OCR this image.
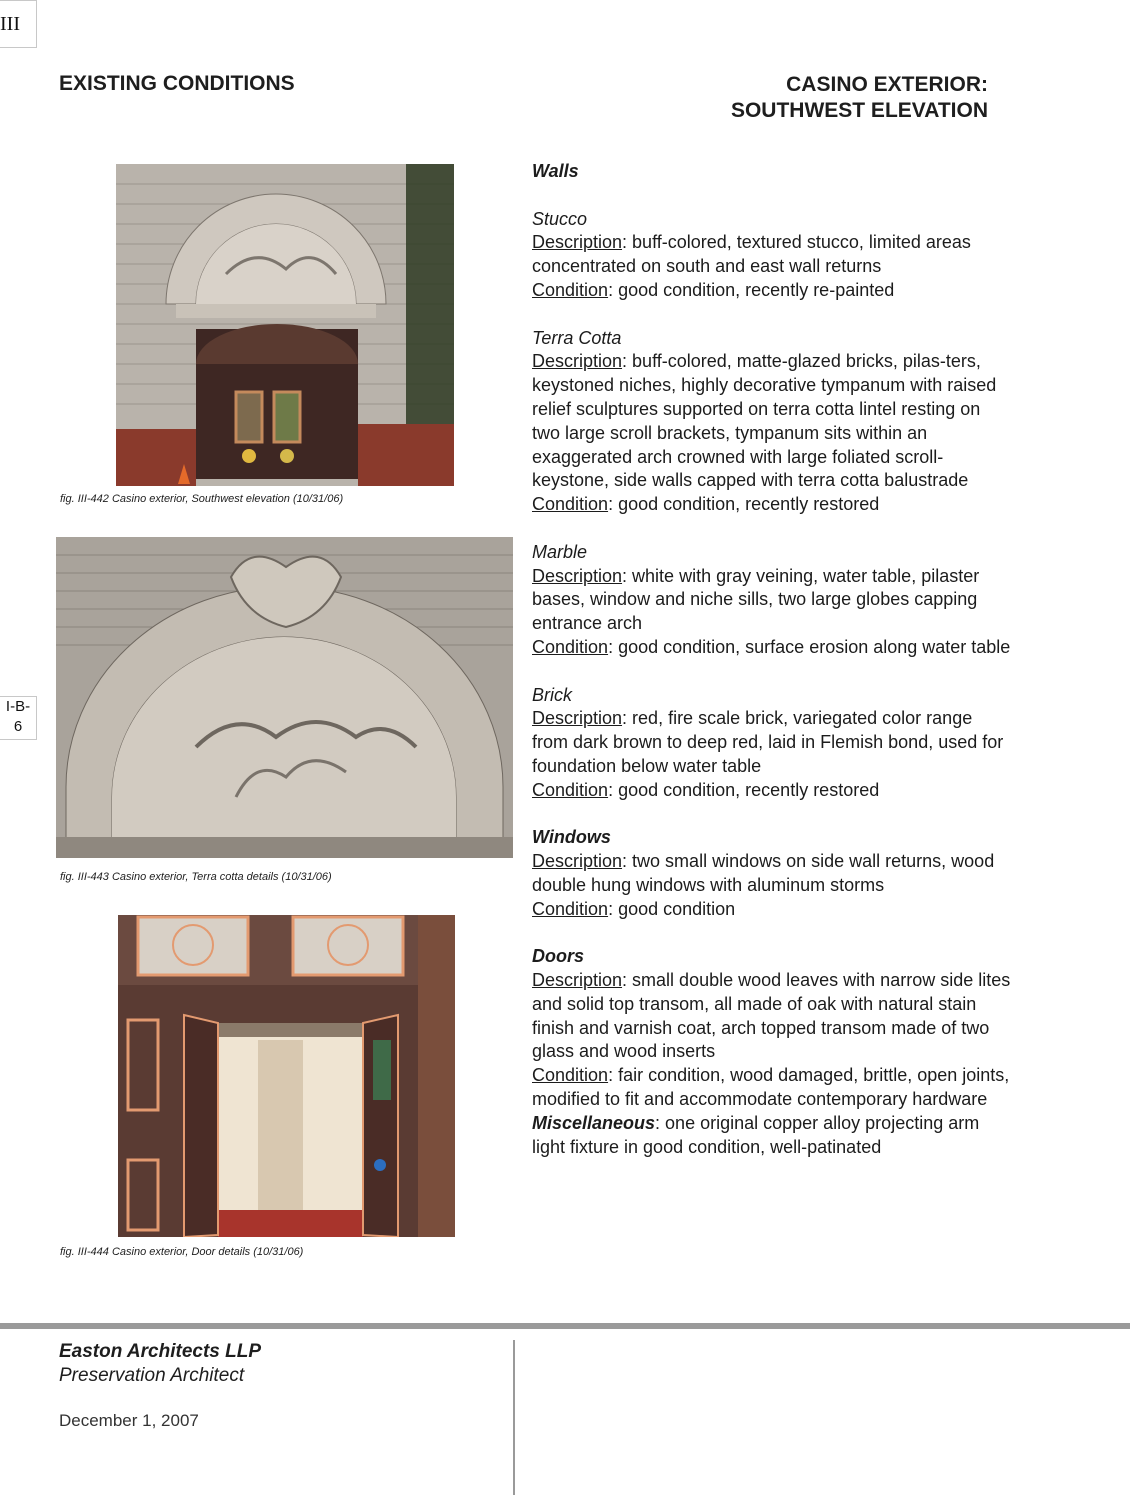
III
I-B-
6
EXISTING CONDITIONS	CASINO EXTERIOR:
SOUTHWEST ELEVATION
fig. III-442 Casino exterior, Southwest elevation (10/31/06)
fig. III-443 Casino exterior, Terra cotta details (10/31/06)
fig. III-444 Casino exterior, Door details (10/31/06)

Walls

Stucco

Description: buff-colored, textured stucco, limited areas concentrated on south and east wall returns

Condition: good condition, recently re-painted

Terra Cotta

Description: buff-colored, matte-glazed bricks, pilas-ters, keystoned niches, highly decorative tympanum with raised relief sculptures supported on terra cotta lintel resting on two large scroll brackets, tympanum sits within an exaggerated arch crowned with large foliated scroll-keystone, side walls capped with terra cotta balustrade

Condition: good condition, recently restored

Marble

Description: white with gray veining, water table, pilaster bases, window and niche sills, two large globes capping entrance arch

Condition: good condition, surface erosion along water table

Brick

Description: red, fire scale brick, variegated color range from dark brown to deep red, laid in Flemish bond, used for foundation below water table

Condition: good condition, recently restored

Windows

Description: two small windows on side wall returns, wood double hung windows with aluminum storms

Condition: good condition

Doors

Description: small double wood leaves with narrow side lites and solid top transom, all made of oak with natural stain finish and varnish coat, arch topped transom made of two glass and wood inserts

Condition: fair condition, wood damaged, brittle, open joints, modified to fit and accommodate contemporary hardware

Miscellaneous: one original copper alloy projecting arm light fixture in good condition, well-patinated

Easton Architects LLP
Preservation Architect
December 1, 2007
